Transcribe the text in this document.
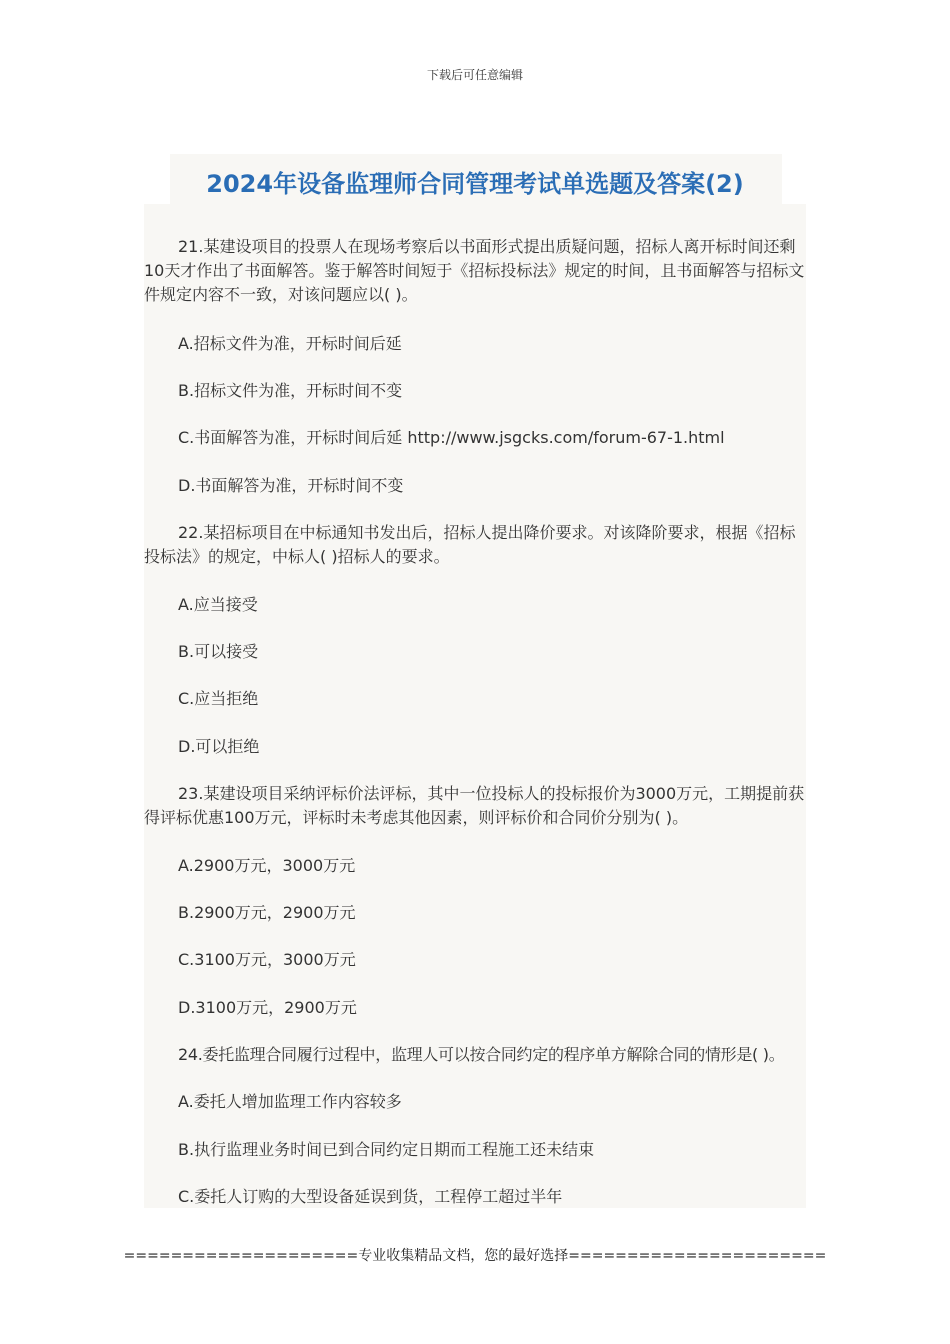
下载后可任意编辑
2024年设备监理师合同管理考试单选题及答案(2)
21.某建设项目的投票人在现场考察后以书面形式提出质疑问题，招标人离开标时间还剩10天才作出了书面解答。鉴于解答时间短于《招标投标法》规定的时间，且书面解答与招标文件规定内容不一致，对该问题应以( )。
A.招标文件为准，开标时间后延
B.招标文件为准，开标时间不变
C.书面解答为准，开标时间后延 http://www.jsgcks.com/forum-67-1.html
D.书面解答为准，开标时间不变
22.某招标项目在中标通知书发出后，招标人提出降价要求。对该降阶要求，根据《招标投标法》的规定，中标人( )招标人的要求。
A.应当接受
B.可以接受
C.应当拒绝
D.可以拒绝
23.某建设项目采纳评标价法评标，其中一位投标人的投标报价为3000万元，工期提前获得评标优惠100万元，评标时未考虑其他因素，则评标价和合同价分别为( )。
A.2900万元，3000万元
B.2900万元，2900万元
C.3100万元，3000万元
D.3100万元，2900万元
24.委托监理合同履行过程中，监理人可以按合同约定的程序单方解除合同的情形是( )。
A.委托人增加监理工作内容较多
B.执行监理业务时间已到合同约定日期而工程施工还未结束
C.委托人订购的大型设备延误到货，工程停工超过半年
====================专业收集精品文档，您的最好选择======================
